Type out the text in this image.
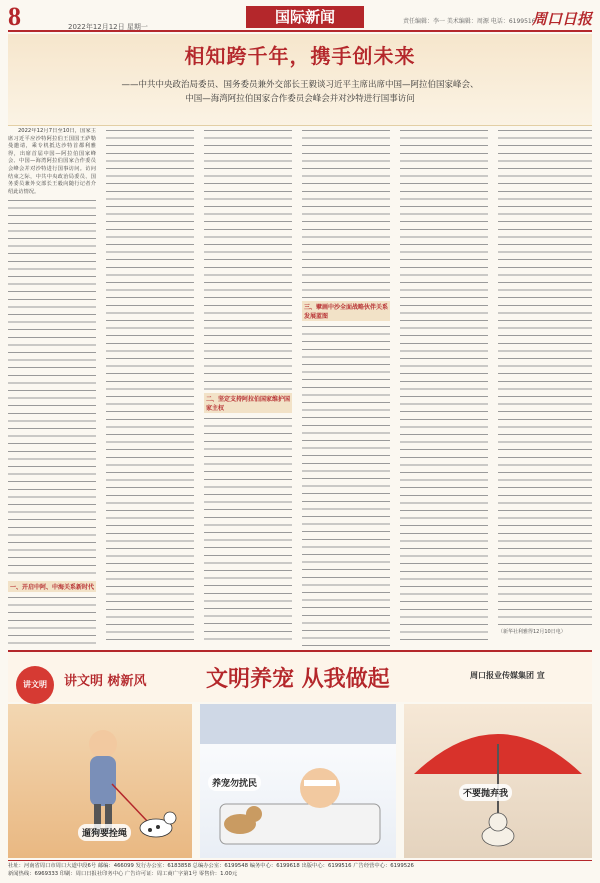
8	2022年12月12日 星期一
国际新闻	责任编辑：李一 美术编辑：周源 电话：6199516
周口日报
相知跨千年，携手创未来
——中共中央政治局委员、国务委员兼外交部长王毅谈习近平主席出席中国—阿拉伯国家峰会、
中国—海湾阿拉伯国家合作委员会峰会并对沙特进行国事访问

2022年12月7日至10日，国家主席习近平应沙特阿拉伯王国国王萨勒曼邀请，乘专机抵达沙特首都利雅得，出席首届中国—阿拉伯国家峰会、中国—海湾阿拉伯国家合作委员会峰会并对沙特进行国事访问。访问结束之际，中共中央政治局委员、国务委员兼外交部长王毅向随行记者介绍此访情况。

一、开启中阿、中海关系新时代
二、坚定支持阿拉伯国家维护国家主权
三、擘画中沙全面战略伙伴关系发展蓝图
（新华社利雅得12月10日电）
讲文明	讲文明 树新风	文明养宠 从我做起	周口报业传媒集团 宣
遛狗要拴绳
养宠勿扰民
不要抛弃我
社址：河南省周口市周口大道中段6号 邮编：466099 发行办公室：6183858 总编办公室：6199548 编务中心：6199618 出版中心：6199516 广告经营中心：6199526
新闻热线：6969333 印刷：周口日报社印务中心 广告许可证：周工商广字第1号 零售价：1.00元
